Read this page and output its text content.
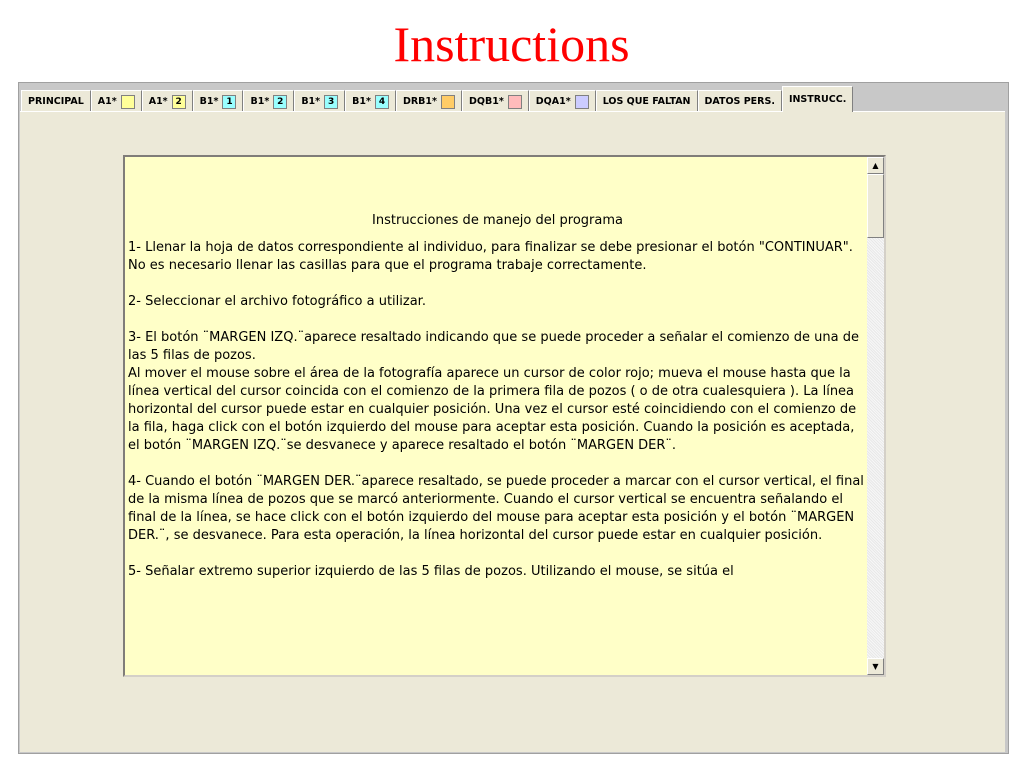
Instructions
PRINCIPAL A1*	A1* 2	B1* 1	B1* 2	B1* 3	B1* 4	DRB1*	DQB1*	DQA1*	LOS QUE FALTAN DATOS PERS. INSTRUCC.
Instrucciones de manejo del programa

1- Llenar la hoja de datos correspondiente al individuo, para finalizar se debe presionar el botón "CONTINUAR".
No es necesario llenar las casillas para que el programa trabaje correctamente.

2- Seleccionar el archivo fotográfico a utilizar.

3- El botón ¨MARGEN IZQ.¨aparece resaltado indicando que se puede proceder a señalar el comienzo de una de las 5 filas de pozos.
Al mover el mouse sobre el área de la fotografía aparece un cursor de color rojo; mueva el mouse hasta que la línea vertical del cursor coincida con el comienzo de la primera fila de pozos ( o de otra cualesquiera ). La línea horizontal del cursor puede estar en cualquier posición. Una vez el cursor esté coincidiendo con el comienzo de la fila, haga click con el botón izquierdo del mouse para aceptar esta posición. Cuando la posición es aceptada, el botón ¨MARGEN IZQ.¨se desvanece y aparece resaltado el botón ¨MARGEN DER¨.

4- Cuando el botón ¨MARGEN DER.¨aparece resaltado, se puede proceder a marcar con el cursor vertical, el final de la misma línea de pozos que se marcó anteriormente. Cuando el cursor vertical se encuentra señalando el final de la línea, se hace click con el botón izquierdo del mouse para aceptar esta posición y el botón ¨MARGEN DER.¨, se desvanece. Para esta operación, la línea horizontal del cursor puede estar en cualquier posición.

5- Señalar extremo superior izquierdo de las 5 filas de pozos. Utilizando el mouse, se sitúa el

▲
▼
